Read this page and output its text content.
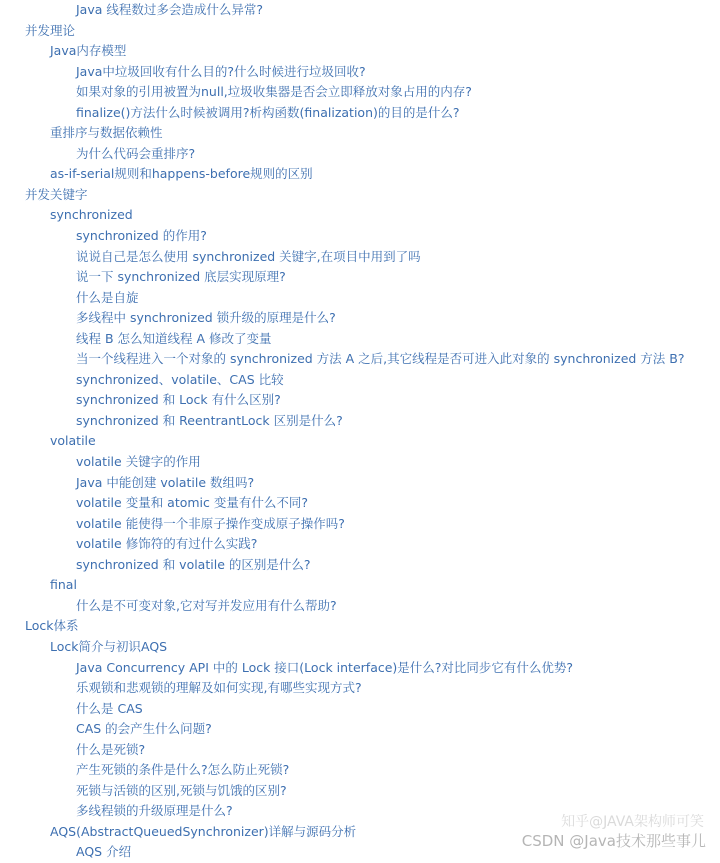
Java 线程数过多会造成什么异常?
并发理论
Java内存模型
Java中垃圾回收有什么目的?什么时候进行垃圾回收?
如果对象的引用被置为null,垃圾收集器是否会立即释放对象占用的内存?
finalize()方法什么时候被调用?析构函数(finalization)的目的是什么?
重排序与数据依赖性
为什么代码会重排序?
as-if-serial规则和happens-before规则的区别
并发关键字
synchronized
synchronized 的作用?
说说自己是怎么使用 synchronized 关键字,在项目中用到了吗
说一下 synchronized 底层实现原理?
什么是自旋
多线程中 synchronized 锁升级的原理是什么?
线程 B 怎么知道线程 A 修改了变量
当一个线程进入一个对象的 synchronized 方法 A 之后,其它线程是否可进入此对象的 synchronized 方法 B?
synchronized、volatile、CAS 比较
synchronized 和 Lock 有什么区别?
synchronized 和 ReentrantLock 区别是什么?
volatile
volatile 关键字的作用
Java 中能创建 volatile 数组吗?
volatile 变量和 atomic 变量有什么不同?
volatile 能使得一个非原子操作变成原子操作吗?
volatile 修饰符的有过什么实践?
synchronized 和 volatile 的区别是什么?
final
什么是不可变对象,它对写并发应用有什么帮助?
Lock体系
Lock简介与初识AQS
Java Concurrency API 中的 Lock 接口(Lock interface)是什么?对比同步它有什么优势?
乐观锁和悲观锁的理解及如何实现,有哪些实现方式?
什么是 CAS
CAS 的会产生什么问题?
什么是死锁?
产生死锁的条件是什么?怎么防止死锁?
死锁与活锁的区别,死锁与饥饿的区别?
多线程锁的升级原理是什么?
AQS(AbstractQueuedSynchronizer)详解与源码分析
AQS 介绍
知乎@JAVA架构师可笑
CSDN @Java技术那些事儿
